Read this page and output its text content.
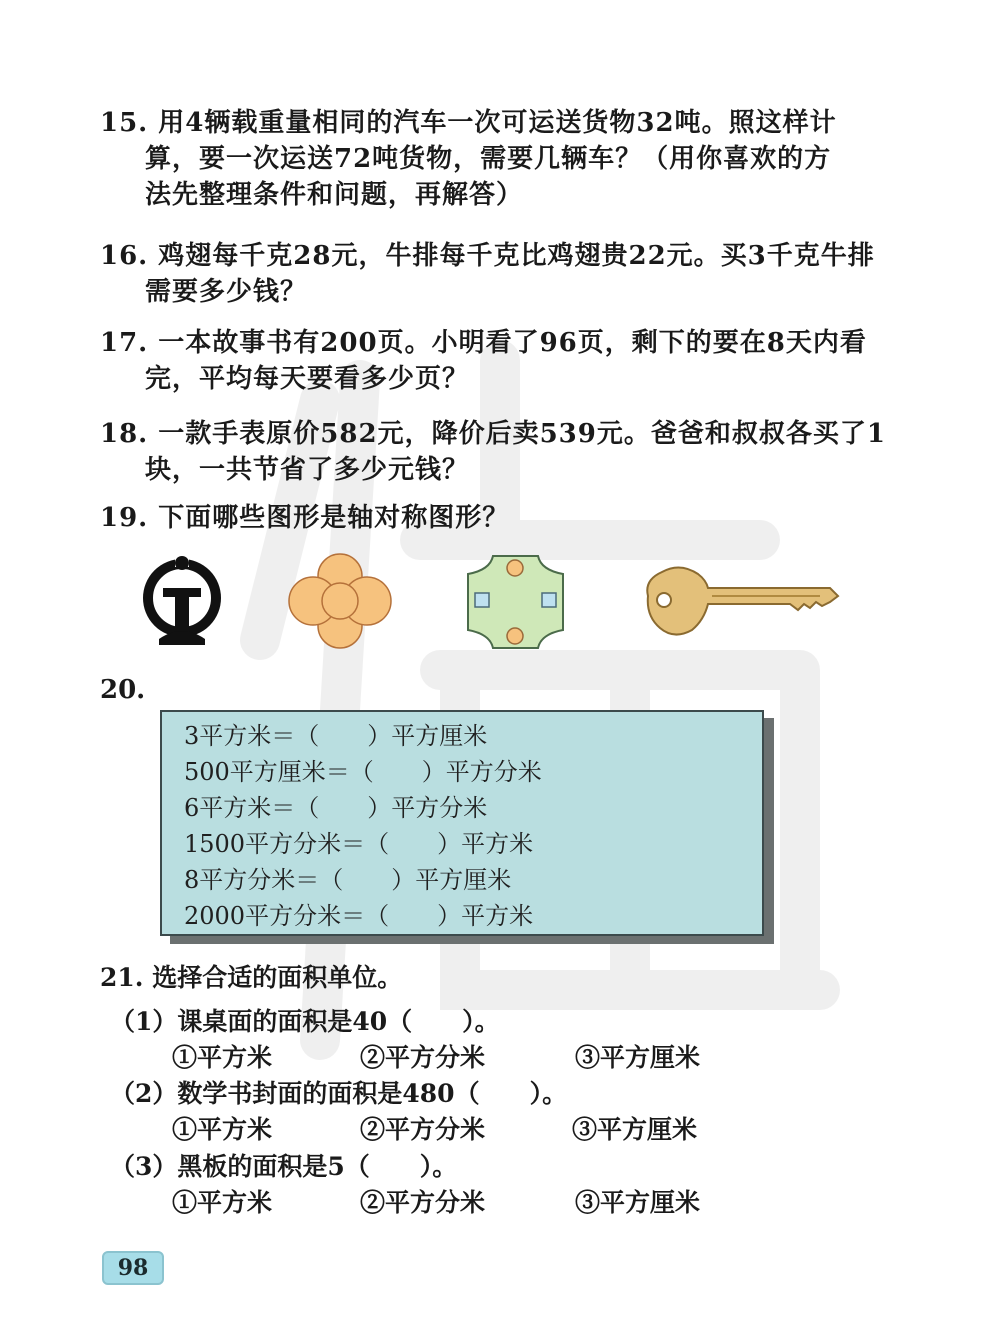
15. 用4辆载重量相同的汽车一次可运送货物32吨。照这样计
算，要一次运送72吨货物，需要几辆车？（用你喜欢的方
法先整理条件和问题，再解答）
16. 鸡翅每千克28元，牛排每千克比鸡翅贵22元。买3千克牛排
需要多少钱？
17. 一本故事书有200页。小明看了96页，剩下的要在8天内看
完，平均每天要看多少页？
18. 一款手表原价582元，降价后卖539元。爸爸和叔叔各买了1
块，一共节省了多少元钱？
19. 下面哪些图形是轴对称图形？
20.
3平方米＝（　　）平方厘米
500平方厘米＝（　　）平方分米
6平方米＝（　　）平方分米
1500平方分米＝（　　）平方米
8平方分米＝（　　）平方厘米
2000平方分米＝（　　）平方米
21. 选择合适的面积单位。
（1）课桌面的面积是40（　　）。
①平方米	②平方分米	③平方厘米
（2）数学书封面的面积是480（　　）。
①平方米	②平方分米	③平方厘米
（3）黑板的面积是5（　　）。
①平方米	②平方分米	③平方厘米
98
